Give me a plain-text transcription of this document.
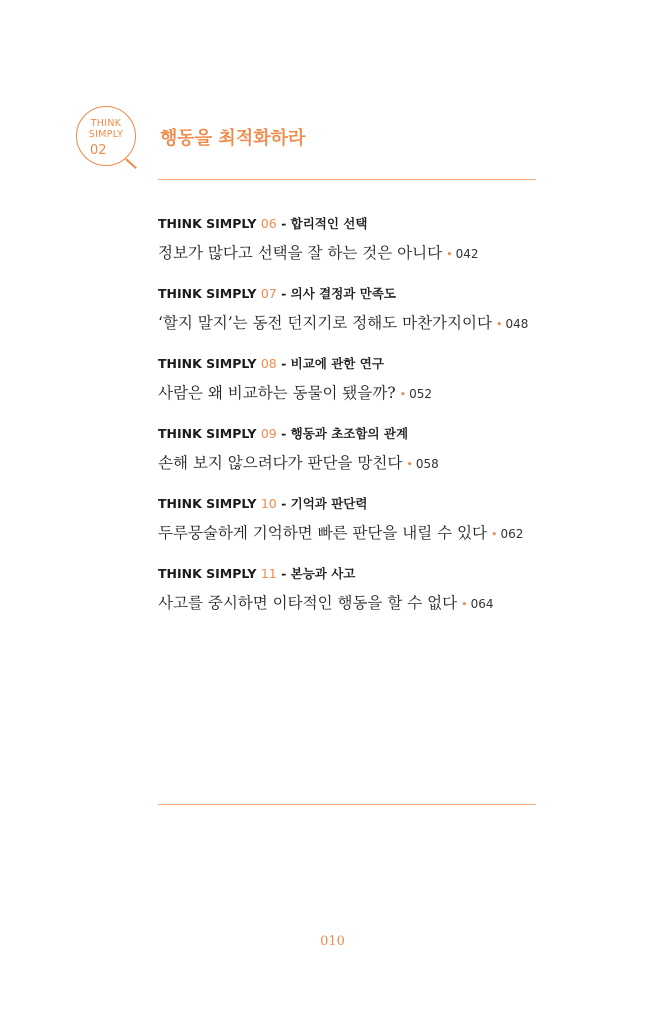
THINK
SIMPLY
02
행동을 최적화하라
THINK SIMPLY 06 - 합리적인 선택
정보가 많다고 선택을 잘 하는 것은 아니다 • 042
THINK SIMPLY 07 - 의사 결정과 만족도
‘할지 말지’는 동전 던지기로 정해도 마찬가지이다 • 048
THINK SIMPLY 08 - 비교에 관한 연구
사람은 왜 비교하는 동물이 됐을까? • 052
THINK SIMPLY 09 - 행동과 초조함의 관계
손해 보지 않으려다가 판단을 망친다 • 058
THINK SIMPLY 10 - 기억과 판단력
두루뭉술하게 기억하면 빠른 판단을 내릴 수 있다 • 062
THINK SIMPLY 11 - 본능과 사고
사고를 중시하면 이타적인 행동을 할 수 없다 • 064
010
